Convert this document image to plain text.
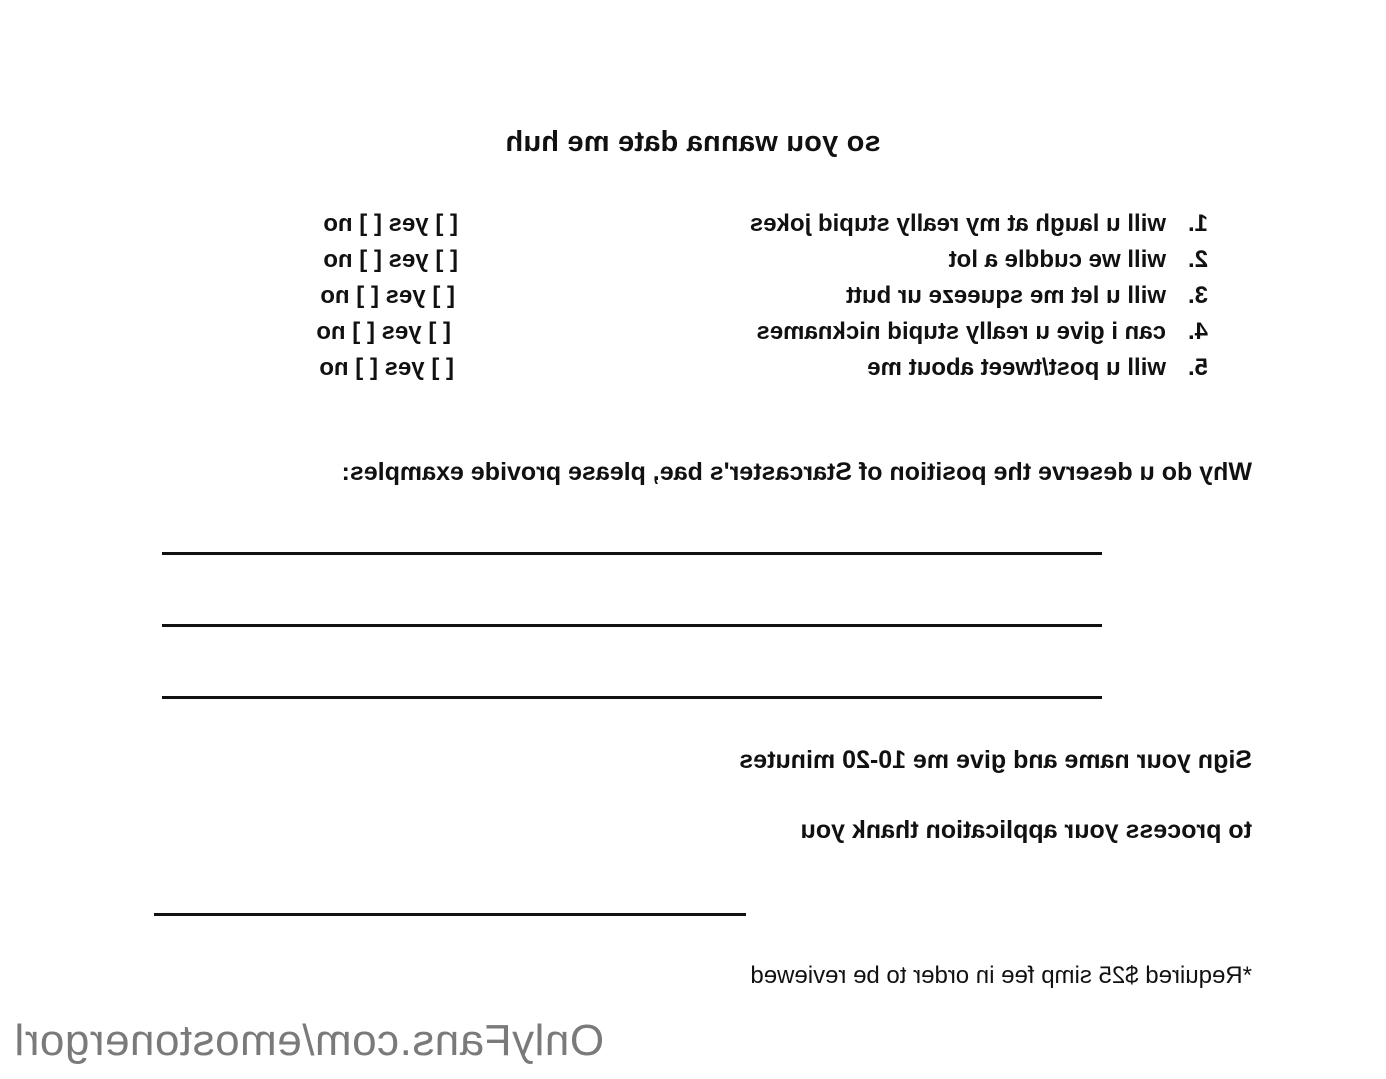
so you wanna date me huh
1.
will u laugh at my really stupid jokes
[ ] yes [ ] no
2.
will we cuddle a lot
[ ] yes [ ] no
3.
will u let me squeeze ur butt
[ ] yes [ ] no
4.
can i give u really stupid nicknames
[ ] yes [ ] no
5.
will u post/tweet about me
[ ] yes [ ] no
Why do u deserve the position of Starcaster's bae, please provide examples:
Sign your name and give me 10-20 minutes
to process your application thank you
*Required $25 simp fee in order to be reviewed
OnlyFans.com/emostonergorl
